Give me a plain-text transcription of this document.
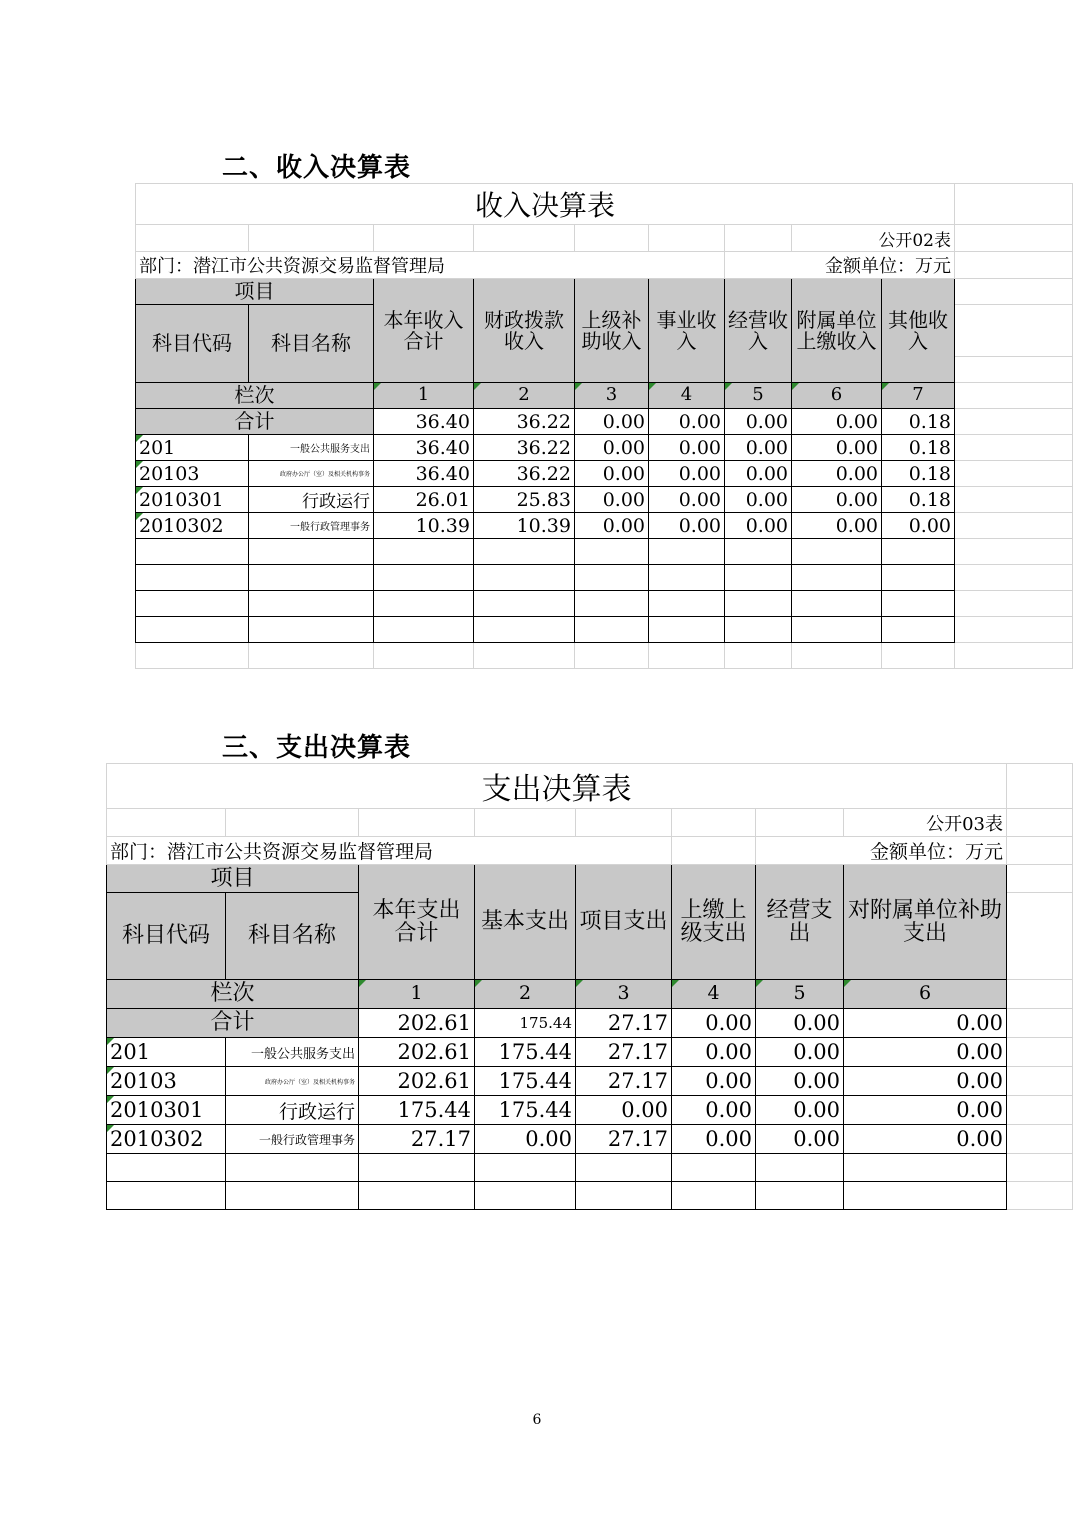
二、收入决算表
收入决算表									
							公开02表		
部门：潜江市公共资源交易监督管理局						金额单位：万元			
项目		本年收入合计	财政拨款收入	上级补助收入	事业收入	经营收入	附属单位上缴收入	其他收入	
科目代码	科目名称								

栏次		1	2	3	4	5	6	7	
合计		36.40	36.22	0.00	0.00	0.00	0.00	0.18	
201	一般公共服务支出	36.40	36.22	0.00	0.00	0.00	0.00	0.18	
20103	政府办公厅（室）及相关机构事务	36.40	36.22	0.00	0.00	0.00	0.00	0.18	
2010301	行政运行	26.01	25.83	0.00	0.00	0.00	0.00	0.18	
2010302	一般行政管理事务	10.39	10.39	0.00	0.00	0.00	0.00	0.00	

三、支出决算表
支出决算表								
							公开03表	
部门：潜江市公共资源交易监督管理局						金额单位：万元		
项目		本年支出合计	基本支出	项目支出	上缴上级支出	经营支出	对附属单位补助支出	
科目代码	科目名称							
栏次		1	2	3	4	5	6	
合计		202.61	175.44	27.17	0.00	0.00	0.00	
201	一般公共服务支出	202.61	175.44	27.17	0.00	0.00	0.00	
20103	政府办公厅（室）及相关机构事务	202.61	175.44	27.17	0.00	0.00	0.00	
2010301	行政运行	175.44	175.44	0.00	0.00	0.00	0.00	
2010302	一般行政管理事务	27.17	0.00	27.17	0.00	0.00	0.00	

6
